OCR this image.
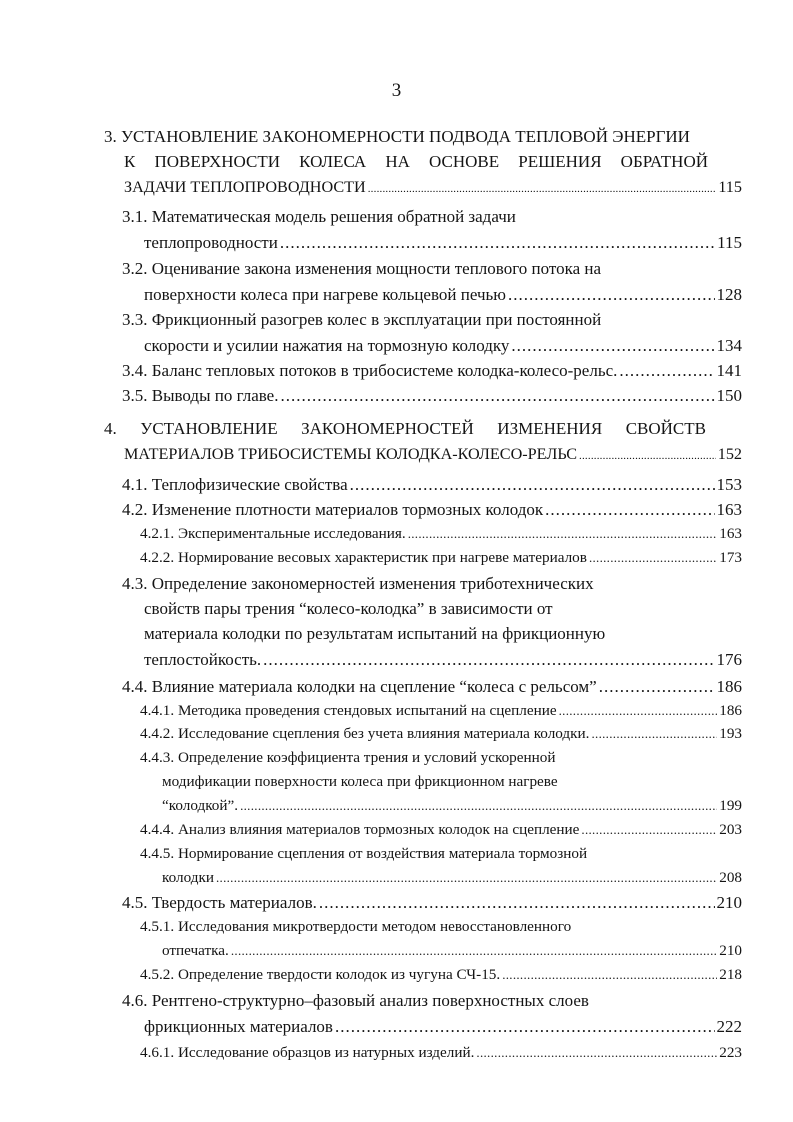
3
3. УСТАНОВЛЕНИЕ ЗАКОНОМЕРНОСТИ ПОДВОДА ТЕПЛОВОЙ ЭНЕРГИИ
К ПОВЕРХНОСТИ КОЛЕСА НА ОСНОВЕ РЕШЕНИЯ ОБРАТНОЙ
ЗАДАЧИ ТЕПЛОПРОВОДНОСТИ .....	115
3.1. Математическая модель решения обратной задачи
теплопроводности .....	115
3.2. Оценивание закона изменения мощности теплового потока на
поверхности колеса при нагреве кольцевой печью .....	128
3.3. Фрикционный разогрев колес в эксплуатации при постоянной
скорости и усилии нажатия на тормозную колодку .....	134
3.4. Баланс тепловых потоков в трибосистеме колодка-колесо-рельс. .....	141
3.5. Выводы по главе. .....	150
4. УСТАНОВЛЕНИЕ ЗАКОНОМЕРНОСТЕЙ ИЗМЕНЕНИЯ СВОЙСТВ
МАТЕРИАЛОВ ТРИБОСИСТЕМЫ КОЛОДКА-КОЛЕСО-РЕЛЬС .....	152
4.1. Теплофизические свойства .....	153
4.2. Изменение плотности материалов тормозных колодок .....	163
4.2.1. Экспериментальные исследования. .....	163
4.2.2. Нормирование весовых характеристик при нагреве материалов .....	173
4.3. Определение закономерностей изменения триботехнических
свойств пары трения “колесо-колодка” в зависимости от
материала колодки по результатам испытаний на фрикционную
теплостойкость. .....	176
4.4. Влияние материала колодки на сцепление “колеса с рельсом” .....	186
4.4.1. Методика проведения стендовых испытаний на сцепление .....	186
4.4.2. Исследование сцепления без учета влияния материала колодки. .....	193
4.4.3. Определение коэффициента трения и условий ускоренной
модификации поверхности колеса при фрикционном нагреве
“колодкой”. .....	199
4.4.4. Анализ влияния материалов тормозных колодок на сцепление .....	203
4.4.5. Нормирование сцепления от воздействия материала тормозной
колодки .....	208
4.5. Твердость материалов. .....	210
4.5.1. Исследования микротвердости методом невосстановленного
отпечатка. .....	210
4.5.2. Определение твердости колодок из чугуна СЧ-15. .....	218
4.6. Рентгено-структурно–фазовый анализ поверхностных слоев
фрикционных материалов .....	222
4.6.1. Исследование образцов из натурных изделий. .....	223
